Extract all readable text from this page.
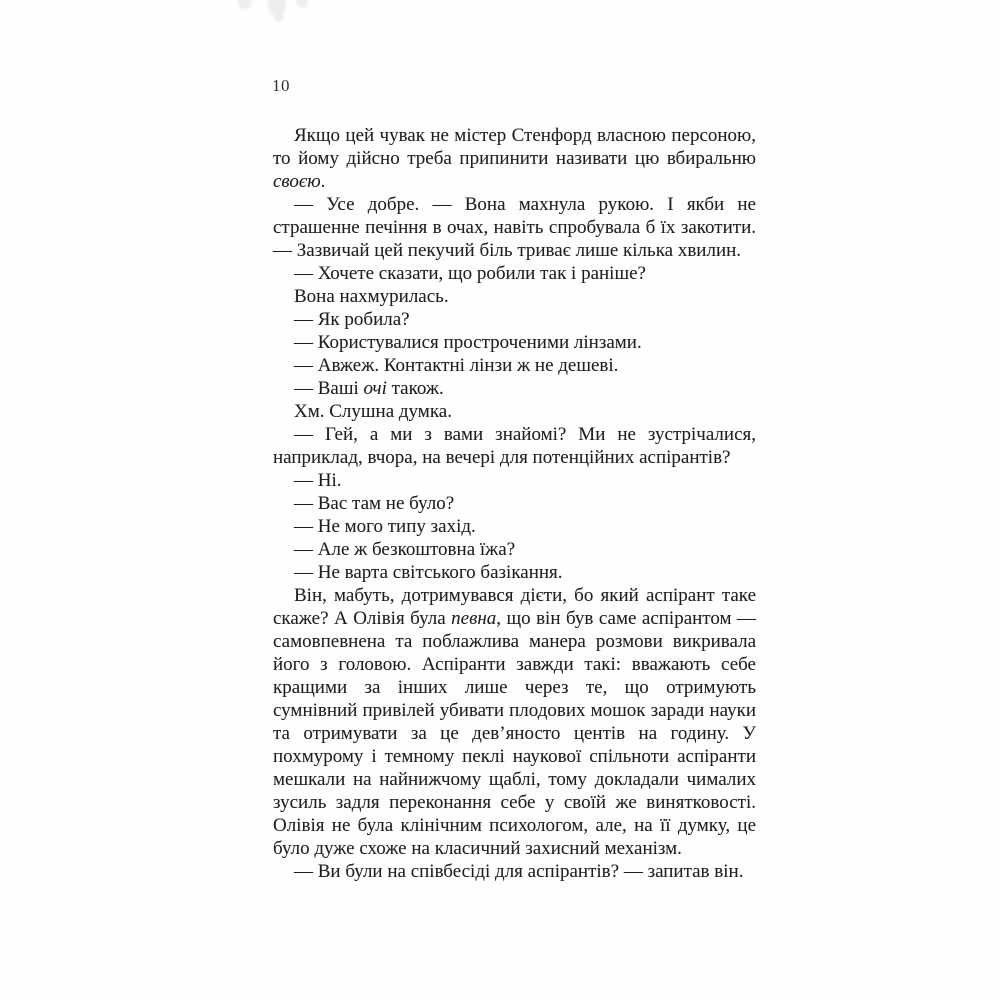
10

Якщо цей чувак не містер Стенфорд власною персоною, то йому дійсно треба припинити називати цю вбиральню своєю.

— Усе добре. — Вона махнула рукою. І якби не страшенне печіння в очах, навіть спробувала б їх закотити. — Зазвичай цей пекучий біль триває лише кілька хвилин.

— Хочете сказати, що робили так і раніше?

Вона нахмурилась.

— Як робила?

— Користувалися простроченими лінзами.

— Авжеж. Контактні лінзи ж не дешеві.

— Ваші очі також.

Хм. Слушна думка.

— Гей, а ми з вами знайомі? Ми не зустрічалися, наприклад, вчора, на вечері для потенційних аспірантів?

— Ні.

— Вас там не було?

— Не мого типу захід.

— Але ж безкоштовна їжа?

— Не варта світського базікання.

Він, мабуть, дотримувався дієти, бо який аспірант таке скаже? А Олівія була певна, що він був саме аспірантом — самовпевнена та поблажлива манера розмови викривала його з головою. Аспіранти завжди такі: вважають себе кращими за інших лише через те, що отримують сумнівний привілей убивати плодових мошок заради науки та отримувати за це дев’яносто центів на годину. У похмурому і темному пеклі наукової спільноти аспіранти мешкали на найнижчому щаблі, тому докладали чималих зусиль задля переконання себе у своїй же винятковості. Олівія не була клінічним психологом, але, на її думку, це було дуже схоже на класичний захисний механізм.

— Ви були на співбесіді для аспірантів? — запитав він.
